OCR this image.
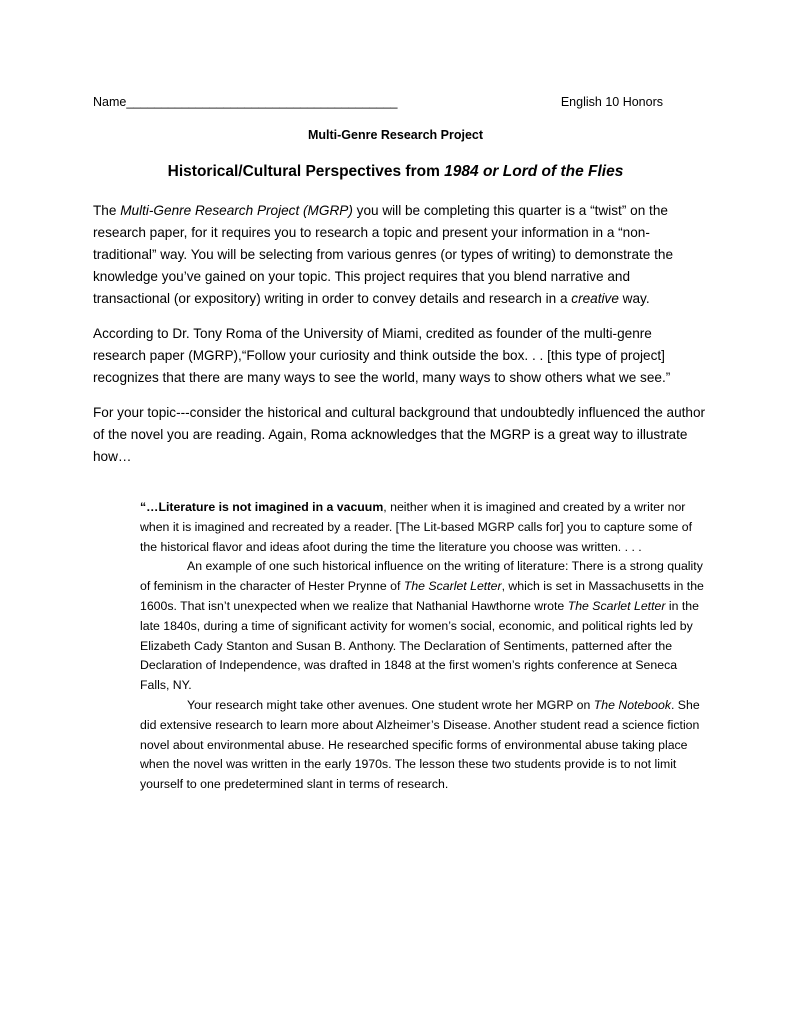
Name_______________________________________	English 10 Honors
Multi-Genre Research Project
Historical/Cultural Perspectives from 1984 or Lord of the Flies

The Multi-Genre Research Project (MGRP) you will be completing this quarter is a “twist” on the research paper, for it requires you to research a topic and present your information in a “non-traditional” way. You will be selecting from various genres (or types of writing) to demonstrate the knowledge you’ve gained on your topic. This project requires that you blend narrative and transactional (or expository) writing in order to convey details and research in a creative way.

According to Dr. Tony Roma of the University of Miami, credited as founder of the multi-genre research paper (MGRP),“Follow your curiosity and think outside the box. . . [this type of project] recognizes that there are many ways to see the world, many ways to show others what we see.”

For your topic---consider the historical and cultural background that undoubtedly influenced the author of the novel you are reading. Again, Roma acknowledges that the MGRP is a great way to illustrate how…

“…Literature is not imagined in a vacuum, neither when it is imagined and created by a writer nor when it is imagined and recreated by a reader. [The Lit-based MGRP calls for] you to capture some of the historical flavor and ideas afoot during the time the literature you choose was written. . . .

An example of one such historical influence on the writing of literature: There is a strong quality of feminism in the character of Hester Prynne of The Scarlet Letter, which is set in Massachusetts in the 1600s. That isn’t unexpected when we realize that Nathanial Hawthorne wrote The Scarlet Letter in the late 1840s, during a time of significant activity for women’s social, economic, and political rights led by Elizabeth Cady Stanton and Susan B. Anthony. The Declaration of Sentiments, patterned after the Declaration of Independence, was drafted in 1848 at the first women’s rights conference at Seneca Falls, NY.

Your research might take other avenues. One student wrote her MGRP on The Notebook. She did extensive research to learn more about Alzheimer’s Disease. Another student read a science fiction novel about environmental abuse. He researched specific forms of environmental abuse taking place when the novel was written in the early 1970s. The lesson these two students provide is to not limit yourself to one predetermined slant in terms of research.
